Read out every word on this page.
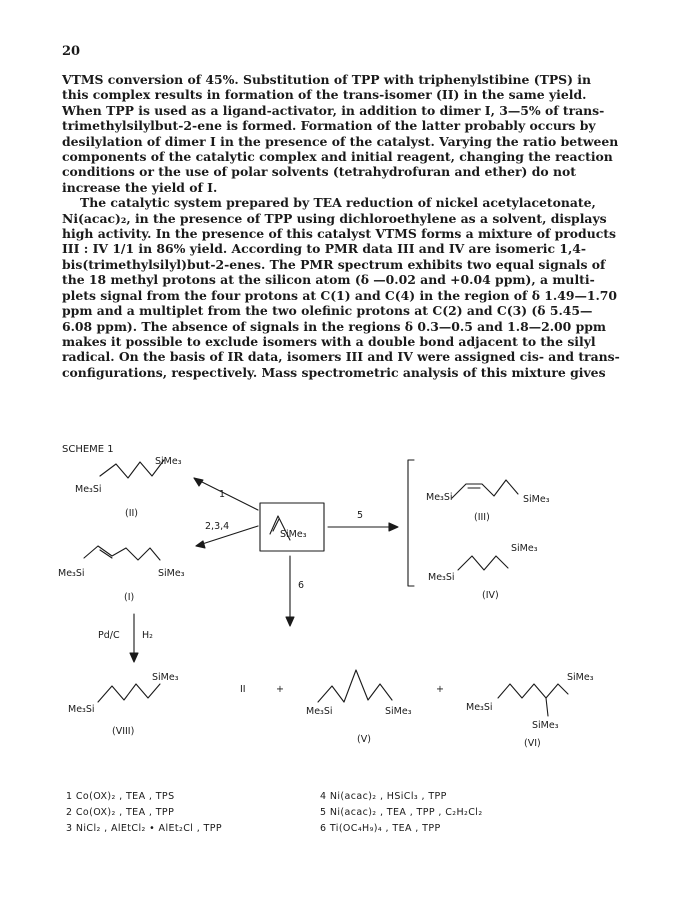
20

VTMS conversion of 45%. Substitution of TPP with triphenylstibine (TPS) in
this complex results in formation of the trans-isomer (II) in the same yield.
When TPP is used as a ligand-activator, in addition to dimer I, 3—5% of trans-
trimethylsilylbut-2-ene is formed. Formation of the latter probably occurs by
desilylation of dimer I in the presence of the catalyst. Varying the ratio between
components of the catalytic complex and initial reagent, changing the reaction
conditions or the use of polar solvents (tetrahydrofuran and ether) do not
increase the yield of I.

The catalytic system prepared by TEA reduction of nickel acetylacetonate,
Ni(acac)₂, in the presence of TPP using dichloroethylene as a solvent, displays
high activity. In the presence of this catalyst VTMS forms a mixture of products
III : IV 1/1 in 86% yield. According to PMR data III and IV are isomeric 1,4-
bis(trimethylsilyl)but-2-enes. The PMR spectrum exhibits two equal signals of
the 18 methyl protons at the silicon atom (δ —0.02 and +0.04 ppm), a multi-
plets signal from the four protons at C(1) and C(4) in the region of δ 1.49—1.70
ppm and a multiplet from the two olefinic protons at C(2) and C(3) (δ 5.45—
6.08 ppm). The absence of signals in the regions δ 0.3—0.5 and 1.8—2.00 ppm
makes it possible to exclude isomers with a double bond adjacent to the silyl
radical. On the basis of IR data, isomers III and IV were assigned cis- and trans-
configurations, respectively. Mass spectrometric analysis of this mixture gives

SCHEME 1
SiMe₃
Me₃Si
(II)
Me₃Si	SiMe₃
(I)
SiMe₃
1
2,3,4
5
6
Me₃Si	SiMe₃
(III)
SiMe₃
Me₃Si
(IV)
Pd/C H₂
SiMe₃
Me₃Si
(VIII)
II	+
Me₃Si	SiMe₃
(V)
+
Me₃Si
SiMe₃
SiMe₃
(VI)
1 Co(OX)₂ , TEA , TPS
2 Co(OX)₂ , TEA , TPP
3 NiCl₂ , AlEtCl₂ • AlEt₂Cl , TPP
4 Ni(acac)₂ , HSiCl₃ , TPP
5 Ni(acac)₂ , TEA , TPP , C₂H₂Cl₂
6 Ti(OC₄H₉)₄ , TEA , TPP
